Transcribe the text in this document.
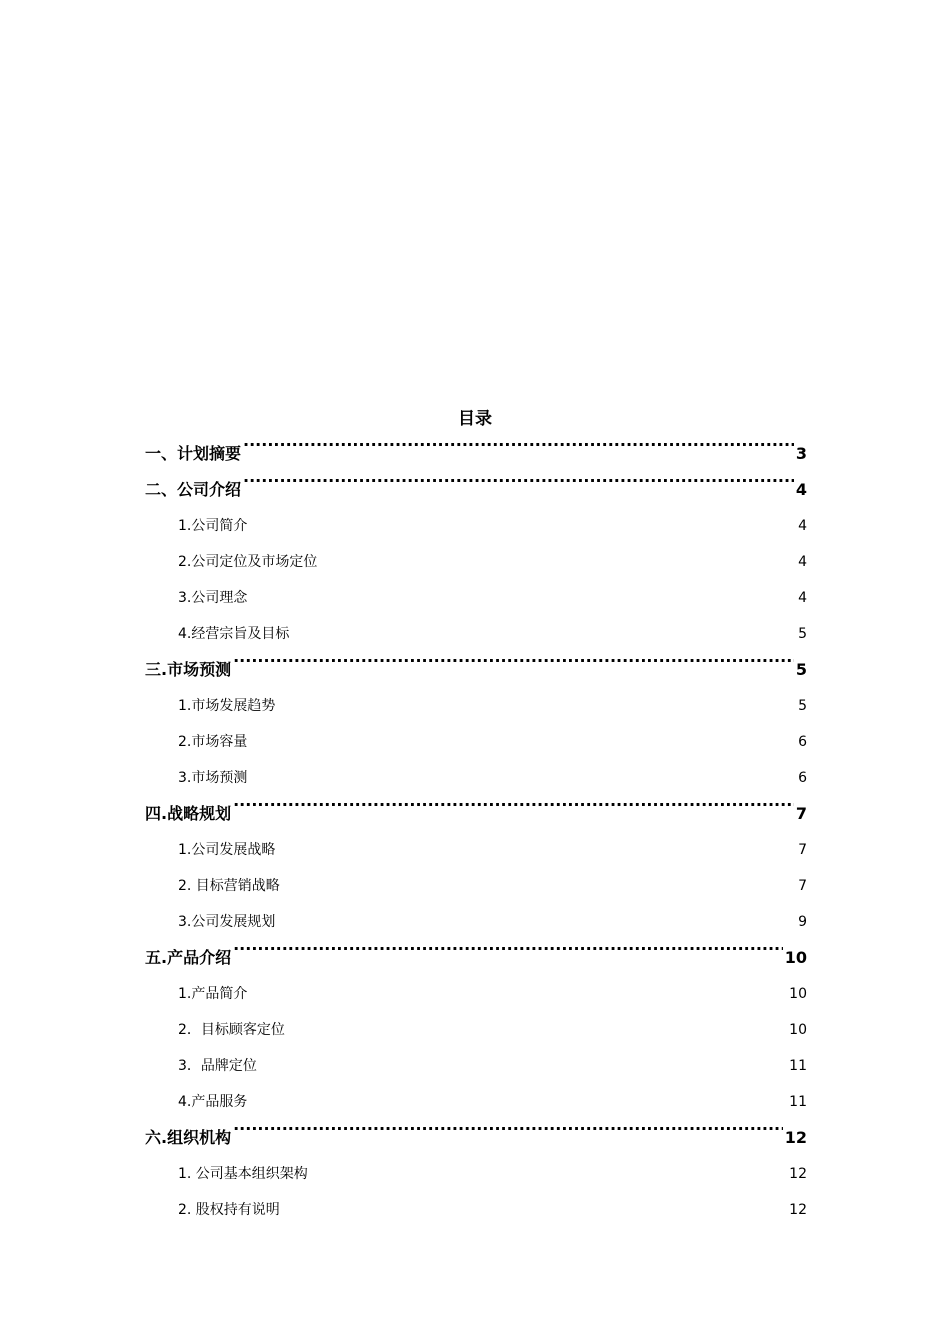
目录
一、计划摘要 .....	3
二、公司介绍 .....	4
1.公司简介 .....	4
2.公司定位及市场定位 .....	4
3.公司理念 .....	4
4.经营宗旨及目标 .....	5
三.市场预测 .....	5
1.市场发展趋势 .....	5
2.市场容量 .....	6
3.市场预测 .....	6
四.战略规划 .....	7
1.公司发展战略 .....	7
2. 目标营销战略 .....	7
3.公司发展规划 .....	9
五.产品介绍 .....	10
1.产品简介 .....	10
2．目标顾客定位 .....	10
3．品牌定位 .....	11
4.产品服务 .....	11
六.组织机构 .....	12
1. 公司基本组织架构 .....	12
2. 股权持有说明 .....	12
